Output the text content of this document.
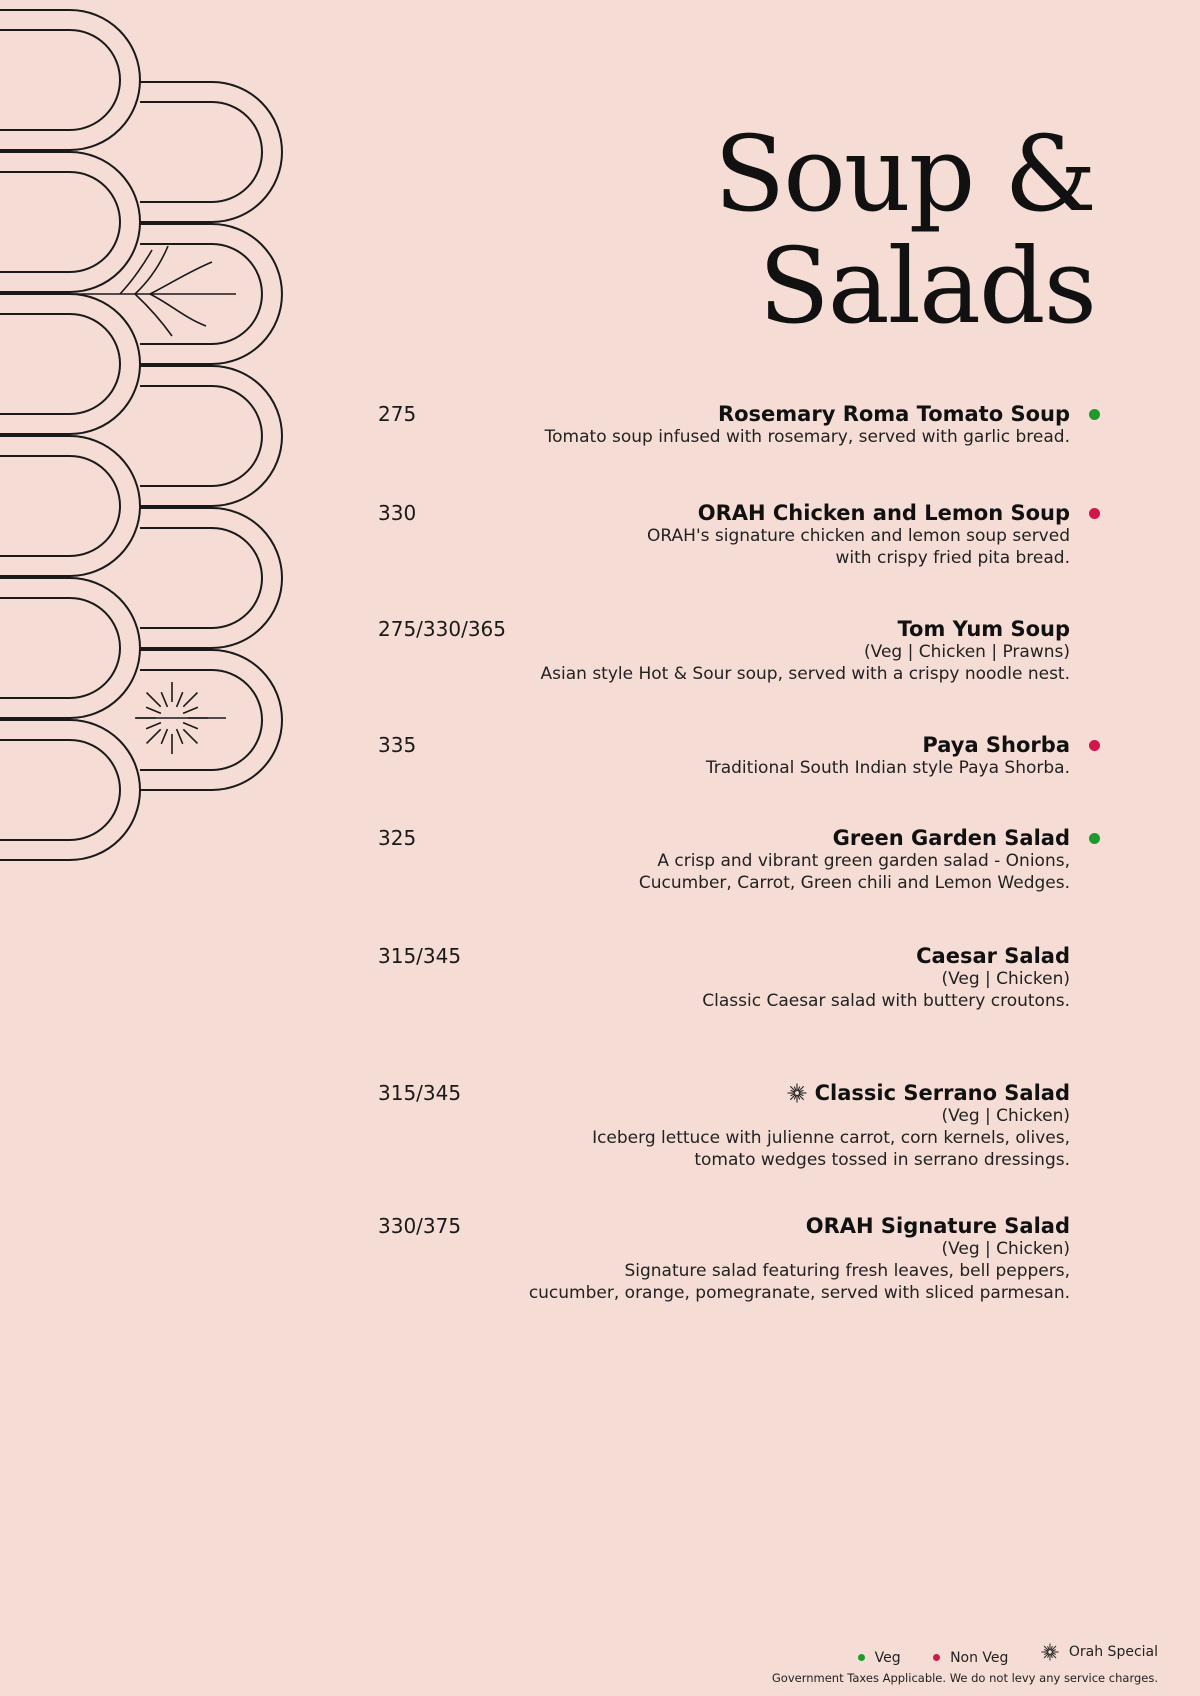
Soup &
Salads
275	Rosemary Roma Tomato Soup
Tomato soup infused with rosemary, served with garlic bread.
330	ORAH Chicken and Lemon Soup
ORAH's signature chicken and lemon soup served
with crispy fried pita bread.
275/330/365	Tom Yum Soup
(Veg | Chicken | Prawns)
Asian style Hot & Sour soup, served with a crispy noodle nest.
335	Paya Shorba
Traditional South Indian style Paya Shorba.
325	Green Garden Salad
A crisp and vibrant green garden salad - Onions,
Cucumber, Carrot, Green chili and Lemon Wedges.
315/345	Caesar Salad
(Veg | Chicken)
Classic Caesar salad with buttery croutons.
315/345	Classic Serrano Salad
(Veg | Chicken)
Iceberg lettuce with julienne carrot, corn kernels, olives,
tomato wedges tossed in serrano dressings.
330/375	ORAH Signature Salad
(Veg | Chicken)
Signature salad featuring fresh leaves, bell peppers,
cucumber, orange, pomegranate, served with sliced parmesan.
Veg
	Non Veg
	Orah Special
Government Taxes Applicable. We do not levy any service charges.
